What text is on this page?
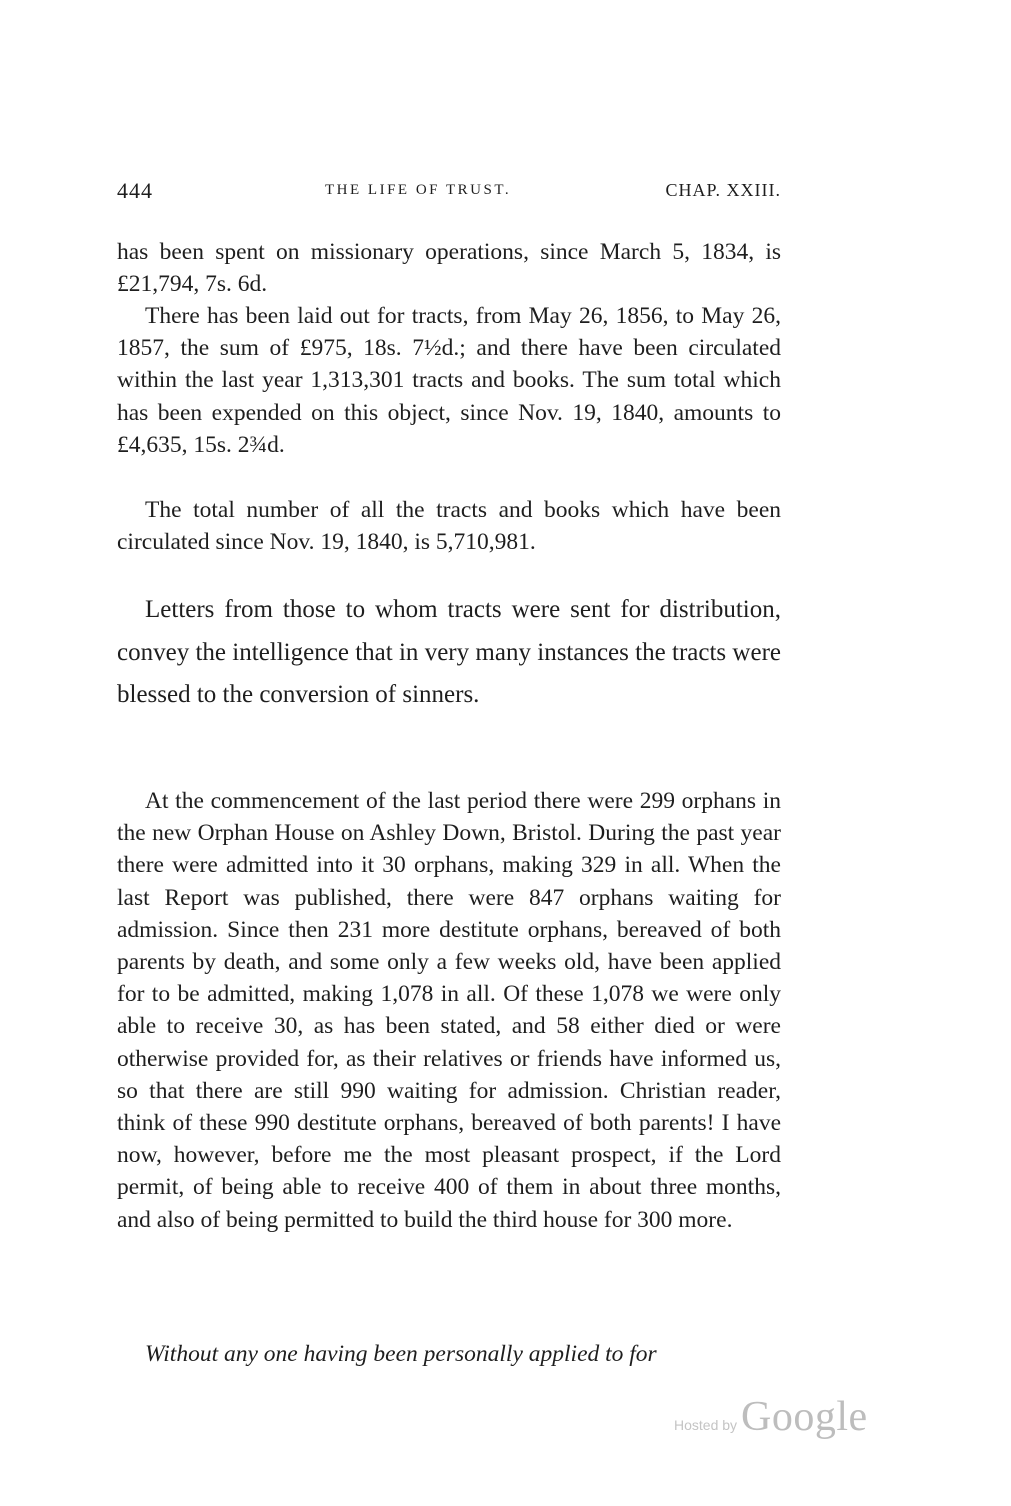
444	THE LIFE OF TRUST.	CHAP. XXIII.

has been spent on missionary operations, since March 5, 1834, is £21,794, 7s. 6d.

There has been laid out for tracts, from May 26, 1856, to May 26, 1857, the sum of £975, 18s. 7½d.; and there have been circulated within the last year 1,313,301 tracts and books. The sum total which has been expended on this object, since Nov. 19, 1840, amounts to £4,635, 15s. 2¾d.

The total number of all the tracts and books which have been circulated since Nov. 19, 1840, is 5,710,981.

Letters from those to whom tracts were sent for distribution, convey the intelligence that in very many instances the tracts were blessed to the conversion of sinners.

At the commencement of the last period there were 299 orphans in the new Orphan House on Ashley Down, Bristol. During the past year there were admitted into it 30 orphans, making 329 in all. When the last Report was published, there were 847 orphans waiting for admission. Since then 231 more destitute orphans, bereaved of both parents by death, and some only a few weeks old, have been applied for to be admitted, making 1,078 in all. Of these 1,078 we were only able to receive 30, as has been stated, and 58 either died or were otherwise provided for, as their relatives or friends have informed us, so that there are still 990 waiting for admission. Christian reader, think of these 990 destitute orphans, bereaved of both parents! I have now, however, before me the most pleasant prospect, if the Lord permit, of being able to receive 400 of them in about three months, and also of being permitted to build the third house for 300 more.

Without any one having been personally applied to for

Hosted by Google
